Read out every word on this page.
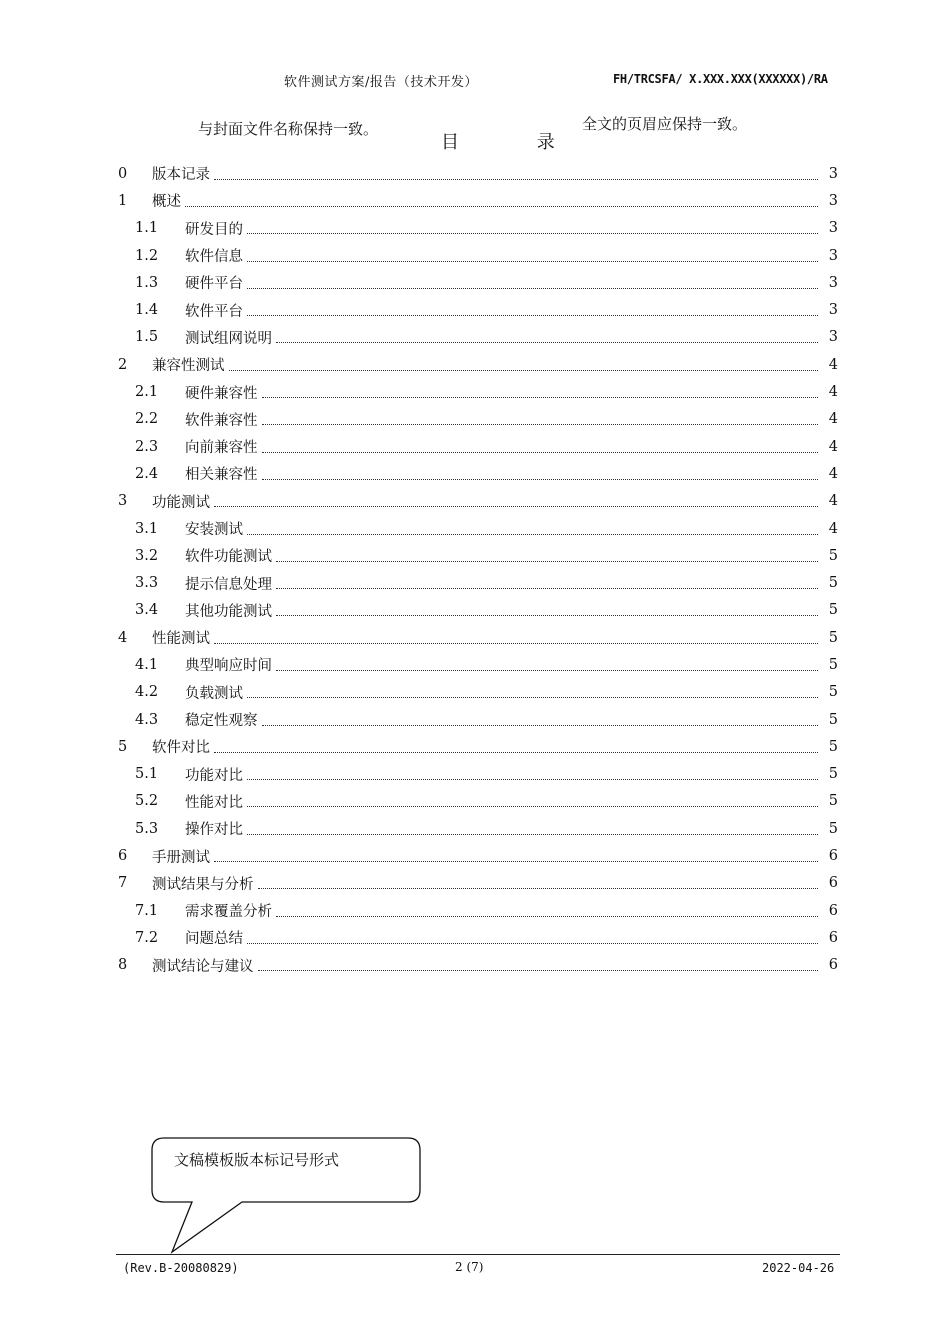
软件测试方案/报告（技术开发）	FH/TRCSFA/ X.XXX.XXX(XXXXXX)/RA
与封面文件名称保持一致。	全文的页眉应保持一致。
目 录
0	版本记录	3
1	概述	3
1.1	研发目的	3
1.2	软件信息	3
1.3	硬件平台	3
1.4	软件平台	3
1.5	测试组网说明	3
2	兼容性测试	4
2.1	硬件兼容性	4
2.2	软件兼容性	4
2.3	向前兼容性	4
2.4	相关兼容性	4
3	功能测试	4
3.1	安装测试	4
3.2	软件功能测试	5
3.3	提示信息处理	5
3.4	其他功能测试	5
4	性能测试	5
4.1	典型响应时间	5
4.2	负载测试	5
4.3	稳定性观察	5
5	软件对比	5
5.1	功能对比	5
5.2	性能对比	5
5.3	操作对比	5
6	手册测试	6
7	测试结果与分析	6
7.1	需求覆盖分析	6
7.2	问题总结	6
8	测试结论与建议	6
文稿模板版本标记号形式
(Rev.B-20080829)	2 (7)	2022-04-26
